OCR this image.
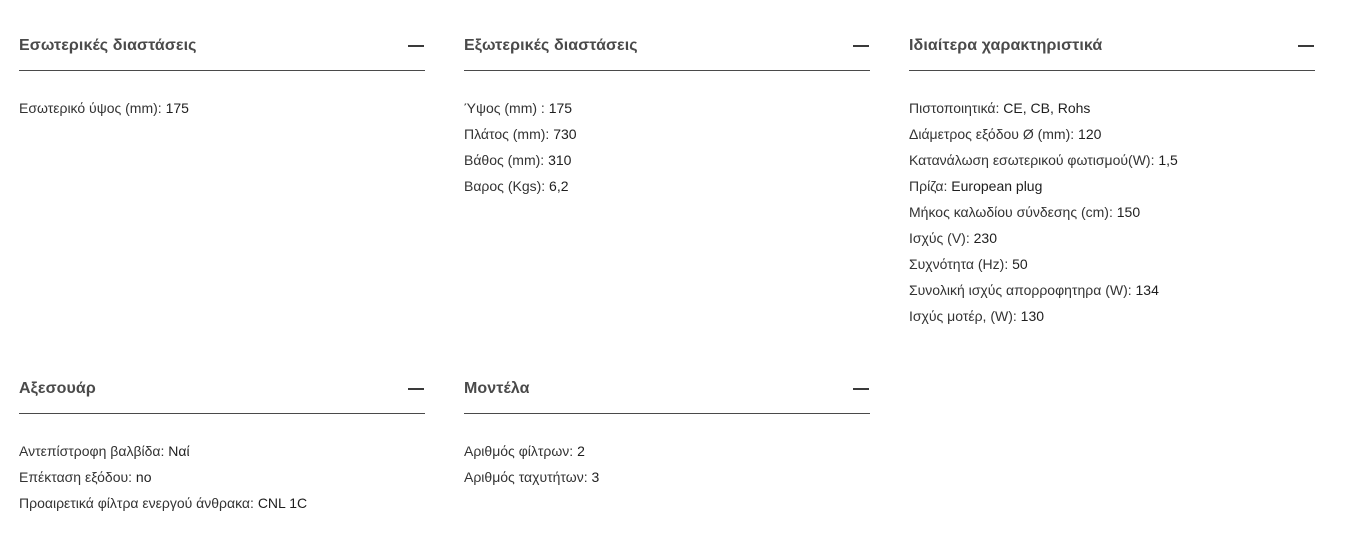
Εσωτερικές διαστάσεις
Εσωτερικό ύψος (mm): 175
Εξωτερικές διαστάσεις
Ύψος (mm) : 175
Πλάτος (mm): 730
Βάθος (mm): 310
Βαρος (Kgs): 6,2
Ιδιαίτερα χαρακτηριστικά
Πιστοποιητικά: CE, CB, Rohs
Διάμετρος εξόδου Ø (mm): 120
Κατανάλωση εσωτερικού φωτισμού(W): 1,5
Πρίζα: European plug
Μήκος καλωδίου σύνδεσης (cm): 150
Ισχύς (V): 230
Συχνότητα (Hz): 50
Συνολική ισχύς απορροφητηρα (W): 134
Ισχύς μοτέρ, (W): 130
Αξεσουάρ
Αντεπίστροφη βαλβίδα: Ναί
Επέκταση εξόδου: no
Προαιρετικά φίλτρα ενεργού άνθρακα: CNL 1C
Μοντέλα
Αριθμός φίλτρων: 2
Αριθμός ταχυτήτων: 3
